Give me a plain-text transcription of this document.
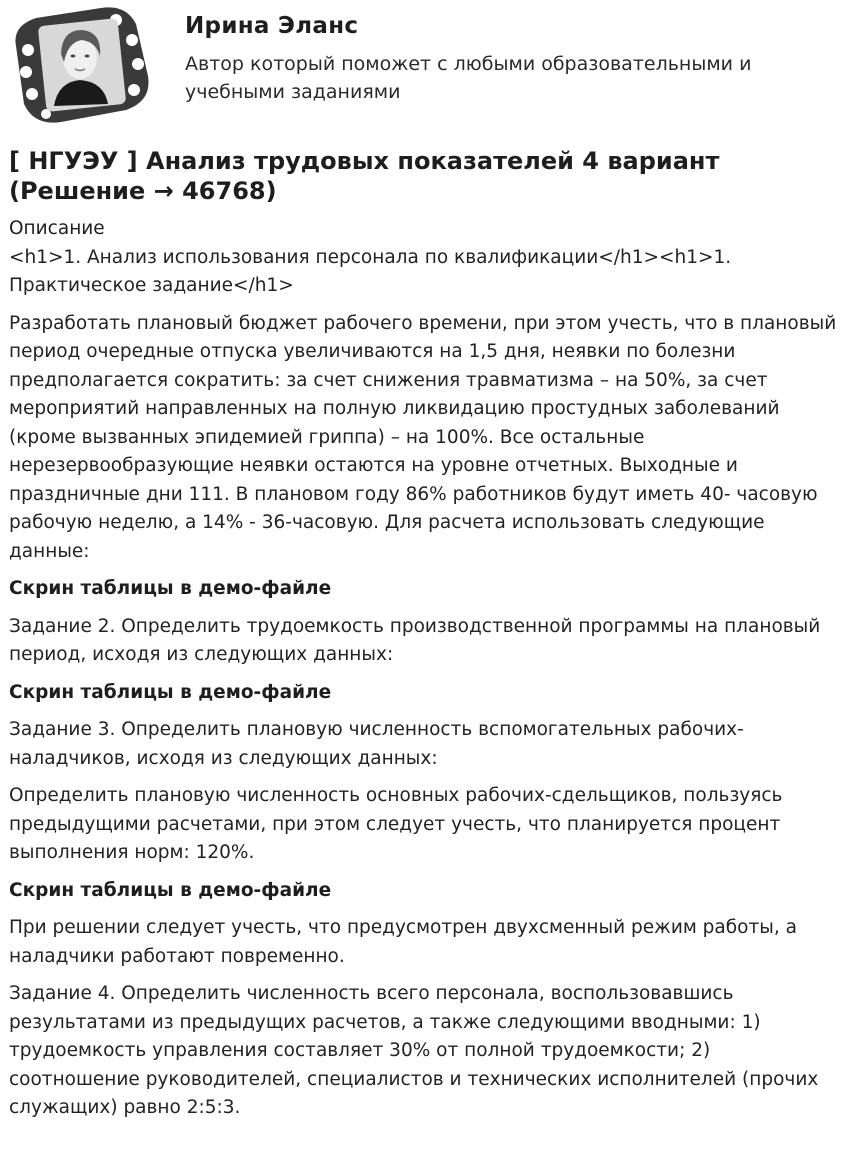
Ирина Эланс
Автор который поможет с любыми образовательными и учебными заданиями
[ НГУЭУ ] Анализ трудовых показателей 4 вариант (Решение → 46768)
Описание
<h1>1. Анализ использования персонала по квалификации</h1><h1>1. Практическое задание</h1>
Разработать плановый бюджет рабочего времени, при этом учесть, что в плановый период очередные отпуска увеличиваются на 1,5 дня, неявки по болезни предполагается сократить: за счет снижения травматизма – на 50%, за счет мероприятий направленных на полную ликвидацию простудных заболеваний (кроме вызванных эпидемией гриппа) – на 100%. Все остальные нерезервообразующие неявки остаются на уровне отчетных. Выходные и праздничные дни 111. В плановом году 86% работников будут иметь 40- часовую рабочую неделю, а 14% - 36-часовую. Для расчета использовать следующие данные:
Скрин таблицы в демо-файле
Задание 2. Определить трудоемкость производственной программы на плановый период, исходя из следующих данных:
Скрин таблицы в демо-файле
Задание 3. Определить плановую численность вспомогательных рабочих-наладчиков, исходя из следующих данных:
Определить плановую численность основных рабочих-сдельщиков, пользуясь предыдущими расчетами, при этом следует учесть, что планируется процент выполнения норм: 120%.
Скрин таблицы в демо-файле
При решении следует учесть, что предусмотрен двухсменный режим работы, а наладчики работают повременно.
Задание 4. Определить численность всего персонала, воспользовавшись результатами из предыдущих расчетов, а также следующими вводными: 1) трудоемкость управления составляет 30% от полной трудоемкости; 2) соотношение руководителей, специалистов и технических исполнителей (прочих служащих) равно 2:5:3.
